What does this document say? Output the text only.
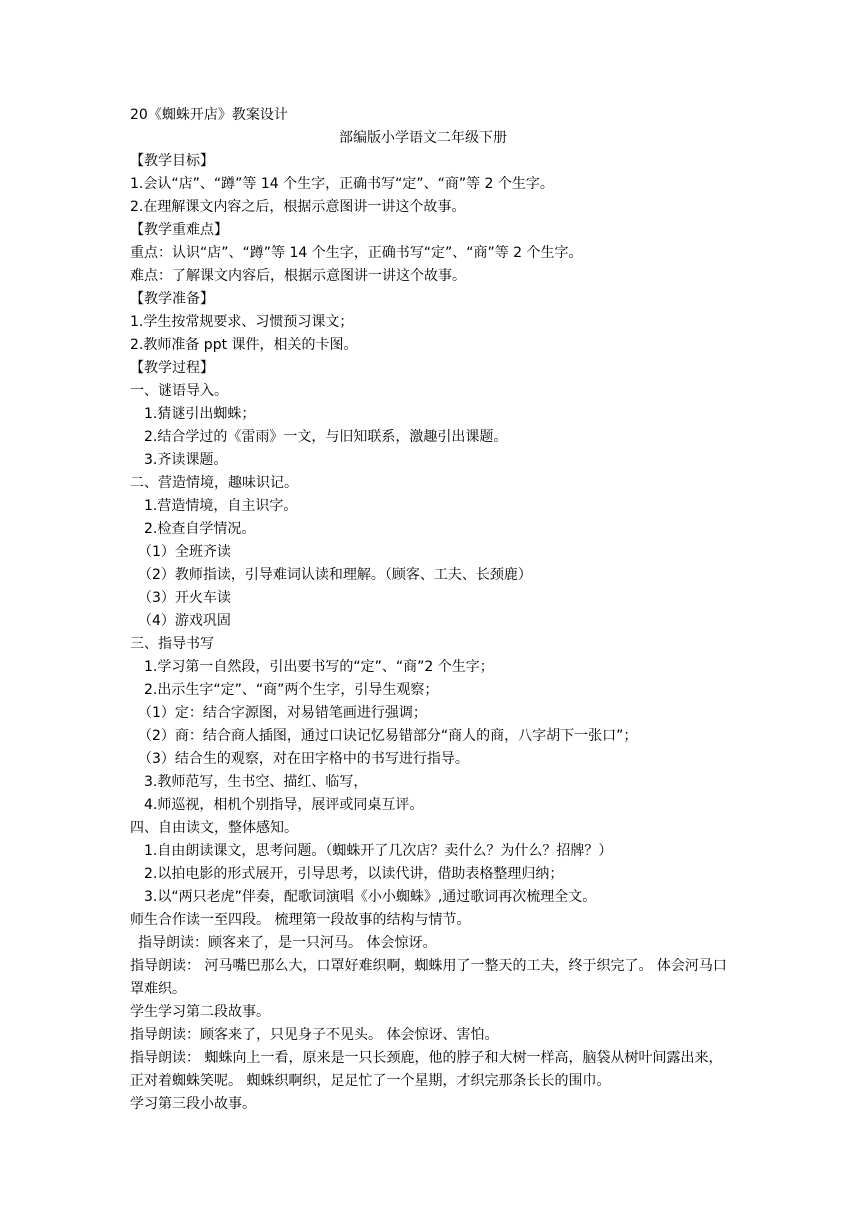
20《蜘蛛开店》教案设计
部编版小学语文二年级下册
【教学目标】
1.会认“店”、“蹲”等 14 个生字，正确书写“定”、“商”等 2 个生字。
2.在理解课文内容之后，根据示意图讲一讲这个故事。
【教学重难点】
重点：认识“店”、“蹲”等 14 个生字，正确书写“定”、“商”等 2 个生字。
难点：了解课文内容后，根据示意图讲一讲这个故事。
【教学准备】
1.学生按常规要求、习惯预习课文；
2.教师准备 ppt 课件，相关的卡图。
【教学过程】
一、谜语导入。
1.猜谜引出蜘蛛；
2.结合学过的《雷雨》一文，与旧知联系，激趣引出课题。
3.齐读课题。
二、营造情境，趣味识记。
1.营造情境，自主识字。
2.检查自学情况。
（1）全班齐读
（2）教师指读，引导难词认读和理解。（顾客、工夫、长颈鹿）
（3）开火车读
（4）游戏巩固
三、指导书写
1.学习第一自然段，引出要书写的“定”、“商”2 个生字；
2.出示生字“定”、“商”两个生字，引导生观察；
（1）定：结合字源图，对易错笔画进行强调；
（2）商：结合商人插图，通过口诀记忆易错部分“商人的商，八字胡下一张口”；
（3）结合生的观察，对在田字格中的书写进行指导。
3.教师范写，生书空、描红、临写，
4.师巡视，相机个别指导，展评或同桌互评。
四、自由读文，整体感知。
1.自由朗读课文，思考问题。（蜘蛛开了几次店？卖什么？为什么？招牌？）
2.以拍电影的形式展开，引导思考，以读代讲，借助表格整理归纳；
3.以“两只老虎”伴奏，配歌词演唱《小小蜘蛛》,通过歌词再次梳理全文。
师生合作读一至四段。 梳理第一段故事的结构与情节。
指导朗读：顾客来了，是一只河马。 体会惊讶。
指导朗读： 河马嘴巴那么大，口罩好难织啊，蜘蛛用了一整天的工夫，终于织完了。 体会河马口罩难织。
学生学习第二段故事。
指导朗读：顾客来了，只见身子不见头。 体会惊讶、害怕。
指导朗读： 蜘蛛向上一看，原来是一只长颈鹿，他的脖子和大树一样高，脑袋从树叶间露出来，正对着蜘蛛笑呢。 蜘蛛织啊织，足足忙了一个星期，才织完那条长长的围巾。
学习第三段小故事。
